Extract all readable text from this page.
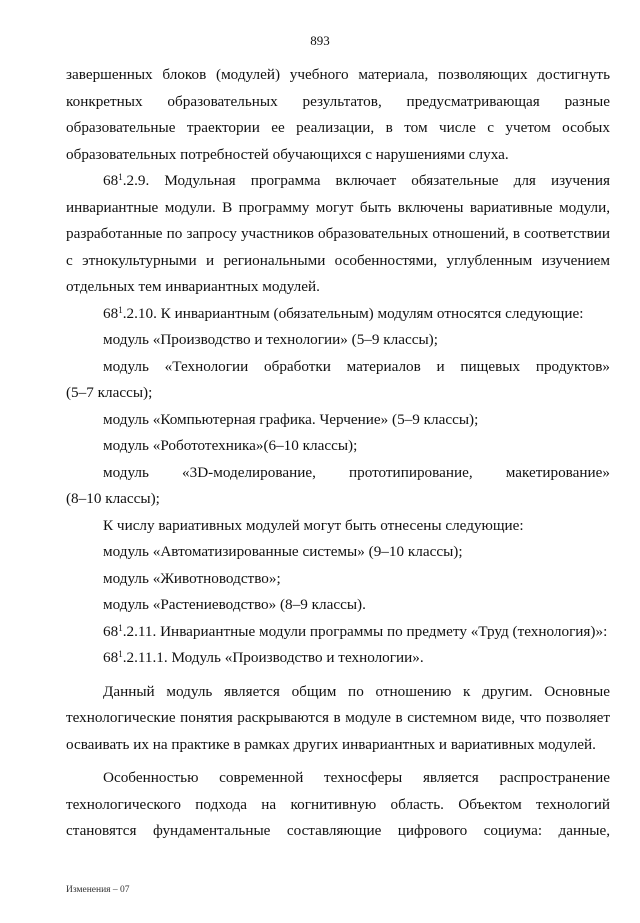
893
завершенных блоков (модулей) учебного материала, позволяющих достигнуть
конкретных образовательных результатов, предусматривающая разные
образовательные траектории ее реализации, в том числе с учетом особых
образовательных потребностей обучающихся с нарушениями слуха.
$68^1.2.9$. Модульная программа включает обязательные для изучения
инвариантные модули. В программу могут быть включены вариативные модули,
разработанные по запросу участников образовательных отношений, в соответствии
с этнокультурными и региональными особенностями, углубленным изучением
отдельных тем инвариантных модулей.
$68^1.2.10$. К инвариантным (обязательным) модулям относятся следующие:
модуль «Производство и технологии» (5–9 классы);
модуль «Технологии обработки материалов и пищевых продуктов»
(5–7 классы);
модуль «Компьютерная графика. Черчение» (5–9 классы);
модуль «Робототехника»(6–10 классы);
модуль «3D-моделирование, прототипирование, макетирование»
(8–10 классы);
К числу вариативных модулей могут быть отнесены следующие:
модуль «Автоматизированные системы» (9–10 классы);
модуль «Животноводство»;
модуль «Растениеводство» (8–9 классы).
$68^1.2.11$. Инвариантные модули программы по предмету «Труд (технология)»:
$68^1.2.11.1$. Модуль «Производство и технологии».
Данный модуль является общим по отношению к другим. Основные
технологические понятия раскрываются в модуле в системном виде, что позволяет
осваивать их на практике в рамках других инвариантных и вариативных модулей.
Особенностью современной техносферы является распространение
технологического подхода на когнитивную область. Объектом технологий
становятся фундаментальные составляющие цифрового социума: данные,
Изменения – 07
